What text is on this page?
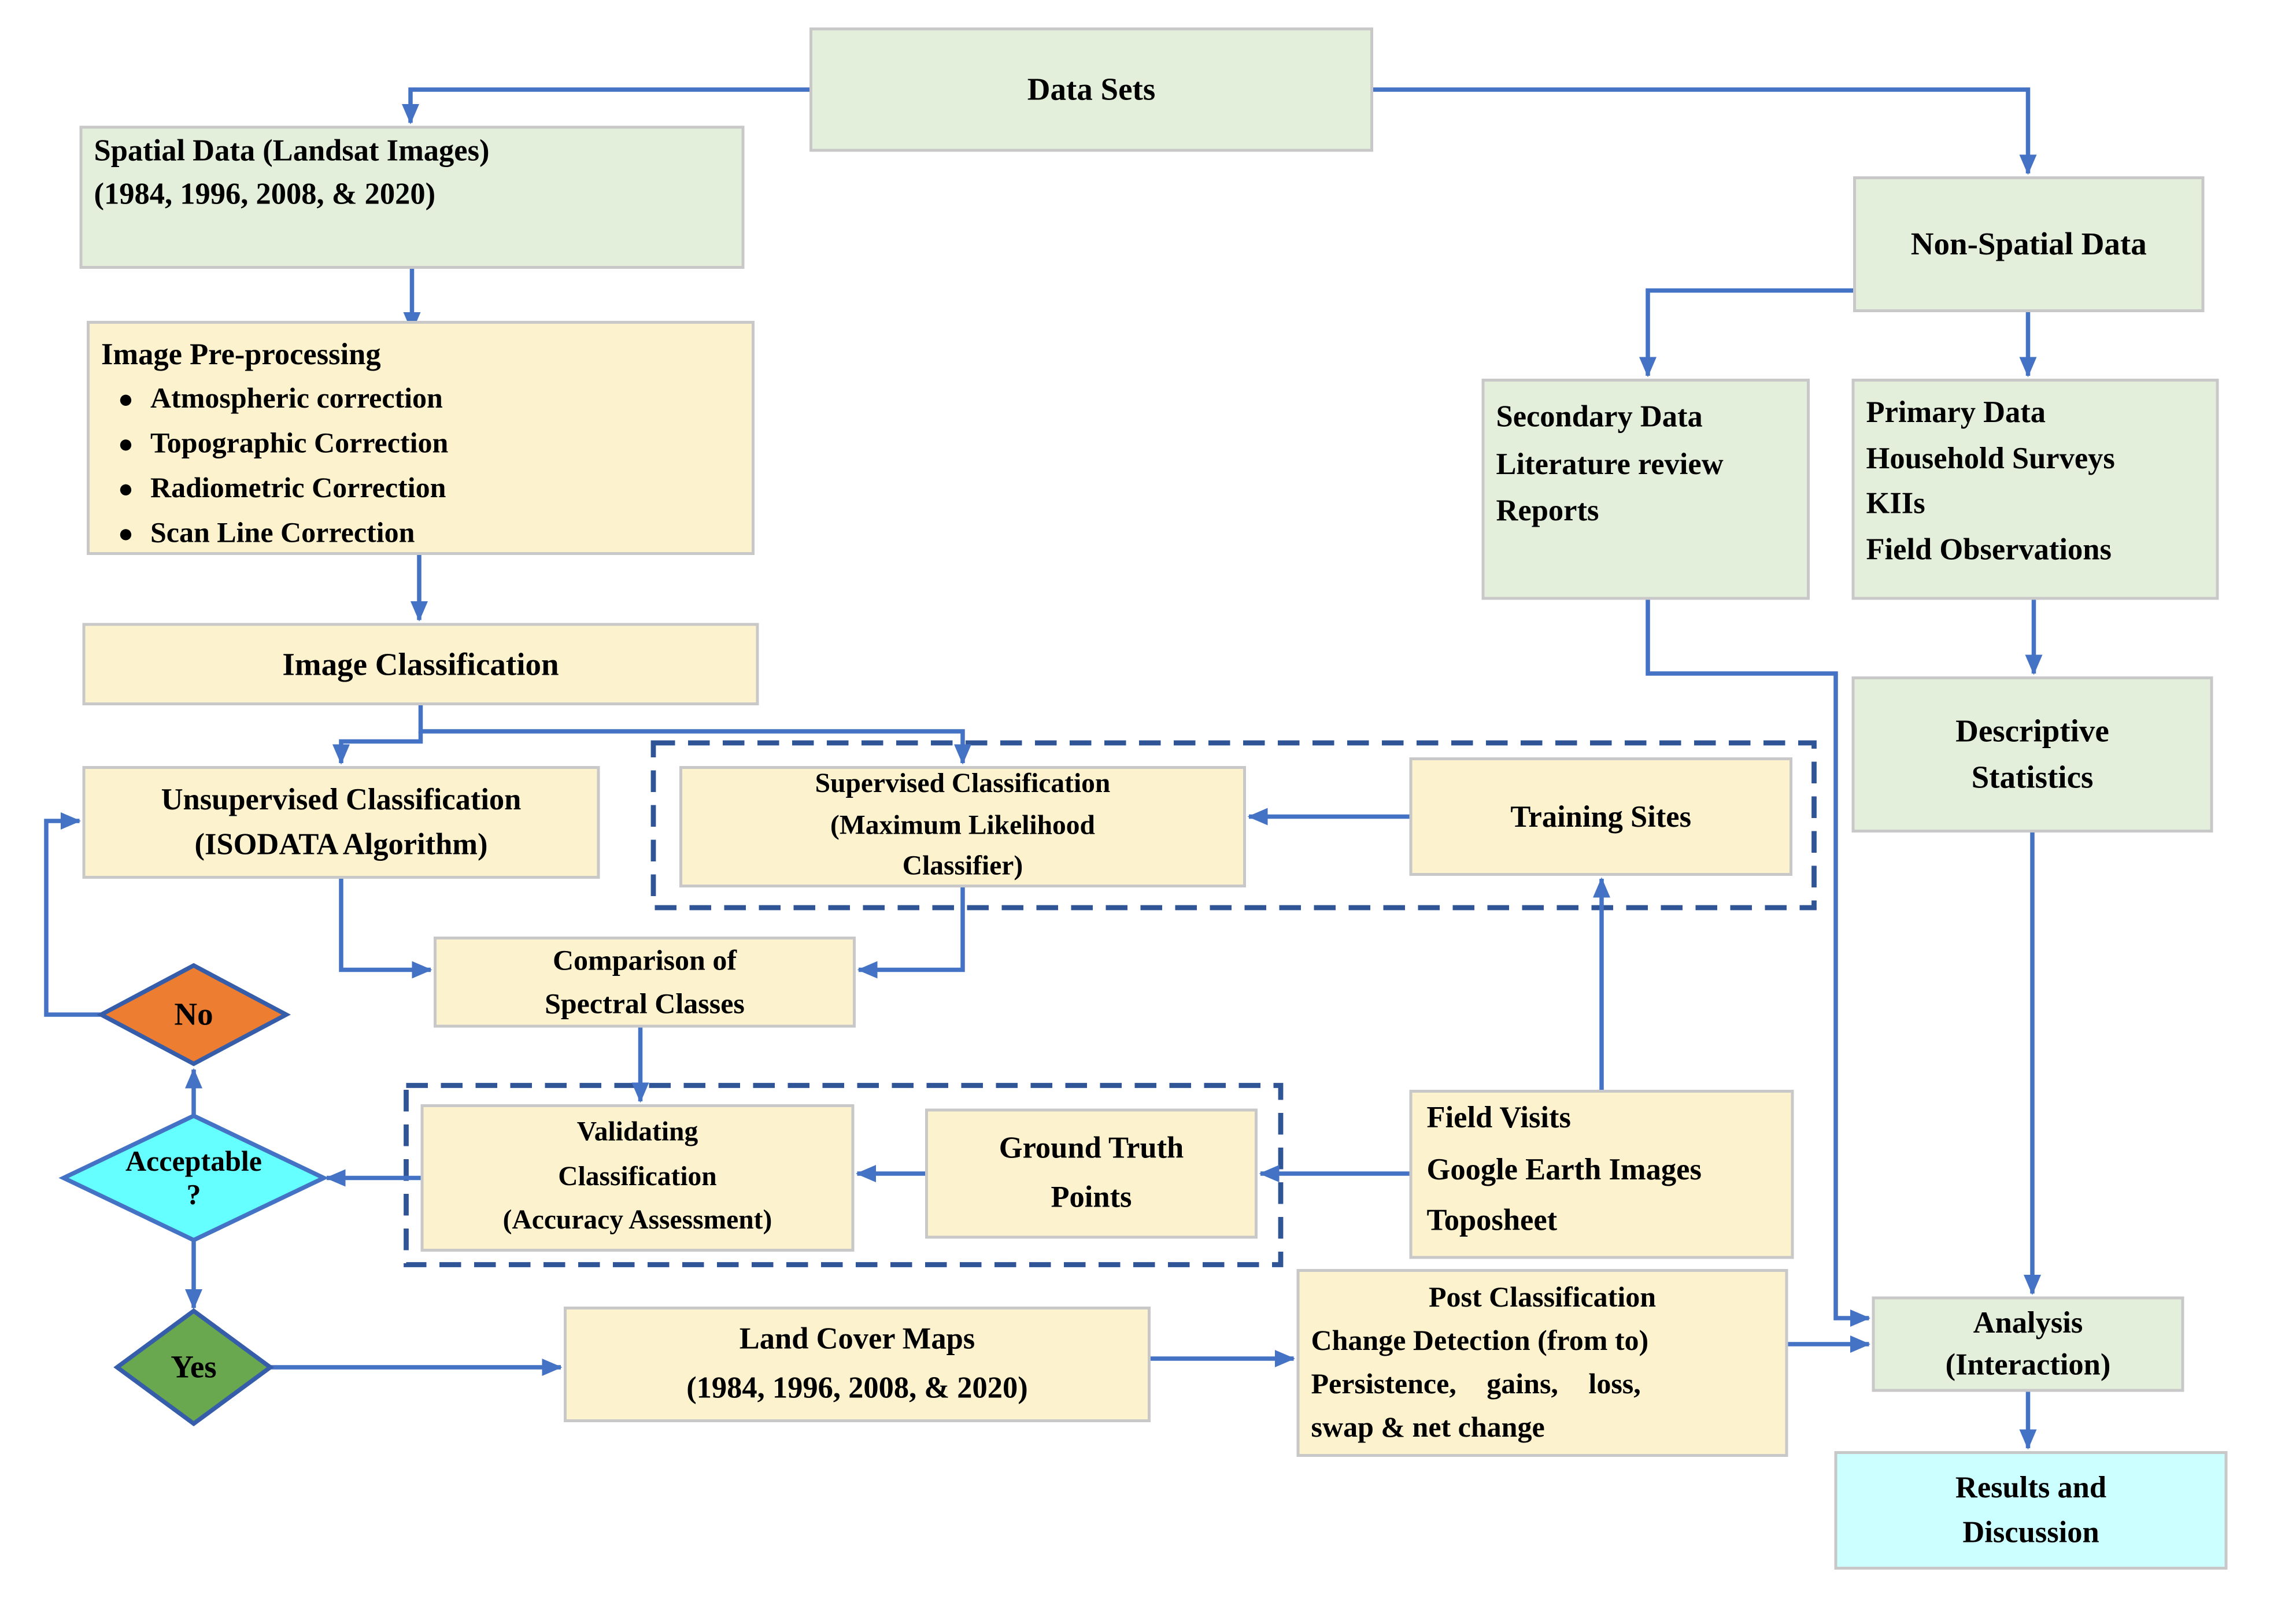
Data Sets
Spatial Data (Landsat Images)
(1984, 1996, 2008, & 2020)
Image Pre-processing
●	Atmospheric correction
●	Topographic Correction
●	Radiometric Correction
●	Scan Line Correction
Image Classification
Unsupervised Classification
(ISODATA Algorithm)
Supervised Classification
(Maximum Likelihood
Classifier)
Training Sites
Comparison of
Spectral Classes
Validating
Classification
(Accuracy Assessment)
Ground Truth
Points
Field Visits
Google Earth Images
Toposheet
Land Cover Maps
(1984, 1996, 2008, & 2020)
Post Classification
Change Detection (from to)
Persistence, gains, loss,
swap & net change
Non-Spatial Data
Secondary Data
Literature review
Reports
Primary Data
Household Surveys
KIIs
Field Observations
Descriptive
Statistics
Analysis
(Interaction)
Results and
Discussion
No
Acceptable
?
Yes
